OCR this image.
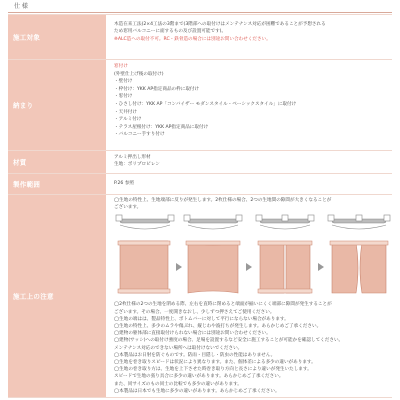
仕 様
施工対象
木造在来工法(2×4工法の3階まで(3階部への取付けはメンテナンス対応が困難であることが予想される
ため窓用バルコニーに面するもの及び設置可能です)。
※ALC造への取付不可。RC・鉄骨造の場合には別途お問い合わせください。
納まり
窓付け
(外壁仕上げ後の取付け)
・壁付け
・枠付け：YKK AP指定商品の枠に取付け
・窓付け
・ひさし付け：YKK AP「コンバイザー モダンスタイル・ベーシックスタイル」に取付け
・天井付け
・アルミ付け
・テラス屋根付け：YKK AP指定商品に取付け
・バルコニー手すり付け
材質
アルミ押出し形材
生地：ポリプロピレン
製作範囲	P.26 参照
施工上の注意
◯生地の特性上、生地端部に反りが発生します。2枚仕様の場合、2つの生地間の隙間が大きくなることが
ございます。
◯2枚仕様の2つの生地を閉める際、左右を直時に閉めると端面が揃いにくく端部に隙間が発生することが
ございます。その場合、一度開きなおし、少しずつ押さえてご使用ください。
◯生地の端はは、製品特性上、ボトムバーに対して平行にならない場合があります。
◯生地の特性上、多少のムラや傷ぶれ、縦じわや波打ちが発生します。あらかじめご了承ください。
◯建物の躯体部に直接取付けられない場合には別途お問い合わせください。
◯建物(サッシ)への取付け強度の場合、足場を設置するなど安全に施工することが可能かを確認してください。
メンテナンス対応のできない場所へは取付けないでください。
◯本製品はお日射を防ぐものです。防雨・目隠し・防虫の性能はありません。
◯生地を巻き取りスピードは状況により異なります。また、個体差による多少の違いがあります。
◯生地の巻き取り方は、生地を上下させた時巻き取り方向と長さにより違いが発生いたします。
スピードで生地の張り具合に多少の違いがあります。あらかじめご了承ください。
また、同サイズのもの同士の比較でも多少の違いがあります。
◯本製品は日本でも生地に多少の違いがあります。あらかじめご了承ください。
